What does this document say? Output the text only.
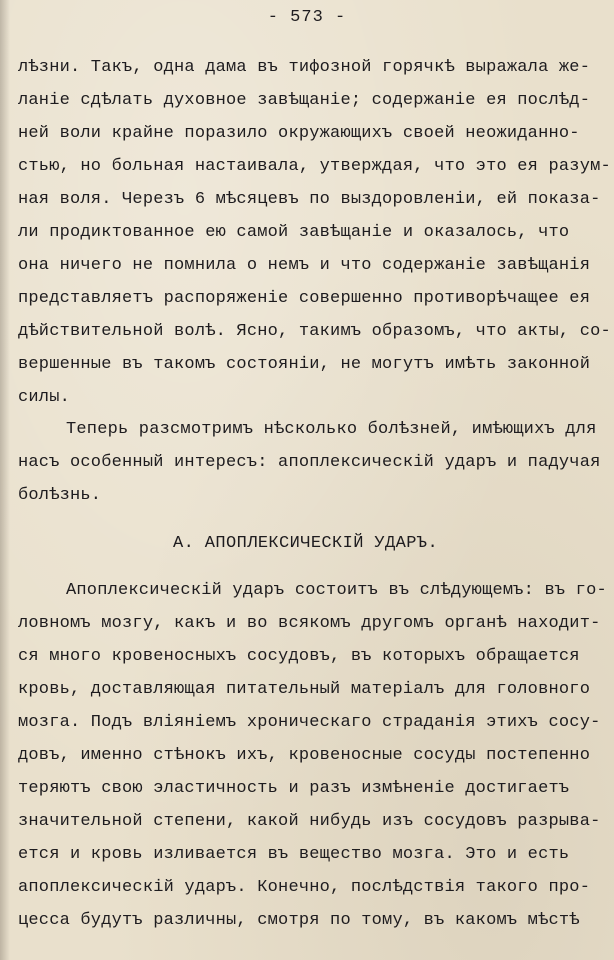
- 573 -
лѣзни. Такъ, одна дама въ тифозной горячкѣ выражала же-
ланіе сдѣлать духовное завѣщаніе; содержаніе ея послѣд-
ней воли крайне поразило окружающихъ своей неожиданно-
стью, но больная настаивала, утверждая, что это ея разум-
ная воля. Черезъ 6 мѣсяцевъ по выздоровленіи, ей показа-
ли продиктованное ею самой завѣщаніе и оказалось, что
она ничего не помнила о немъ и что содержаніе завѣщанія
представляетъ распоряженіе совершенно противорѣчащее ея
дѣйствительной волѣ. Ясно, такимъ образомъ, что акты, со-
вершенные въ такомъ состояніи, не могутъ имѣть законной
силы.
Теперь разсмотримъ нѣсколько болѣзней, имѣющихъ для
насъ особенный интересъ: апоплексическій ударъ и падучая
болѣзнь.
А. АПОПЛЕКСИЧЕСКІЙ УДАРЪ.
Апоплексическій ударъ состоитъ въ слѣдующемъ: въ го-
ловномъ мозгу, какъ и во всякомъ другомъ органѣ находит-
ся много кровеносныхъ сосудовъ, въ которыхъ обращается
кровь, доставляющая питательный матеріалъ для головного
мозга. Подъ вліяніемъ хроническаго страданія этихъ сосу-
довъ, именно стѣнокъ ихъ, кровеносные сосуды постепенно
теряютъ свою эластичность и разъ измѣненіе достигаетъ
значительной степени, какой нибудь изъ сосудовъ разрыва-
ется и кровь изливается въ вещество мозга. Это и есть
апоплексическій ударъ. Конечно, послѣдствія такого про-
цесса будутъ различны, смотря по тому, въ какомъ мѣстѣ
